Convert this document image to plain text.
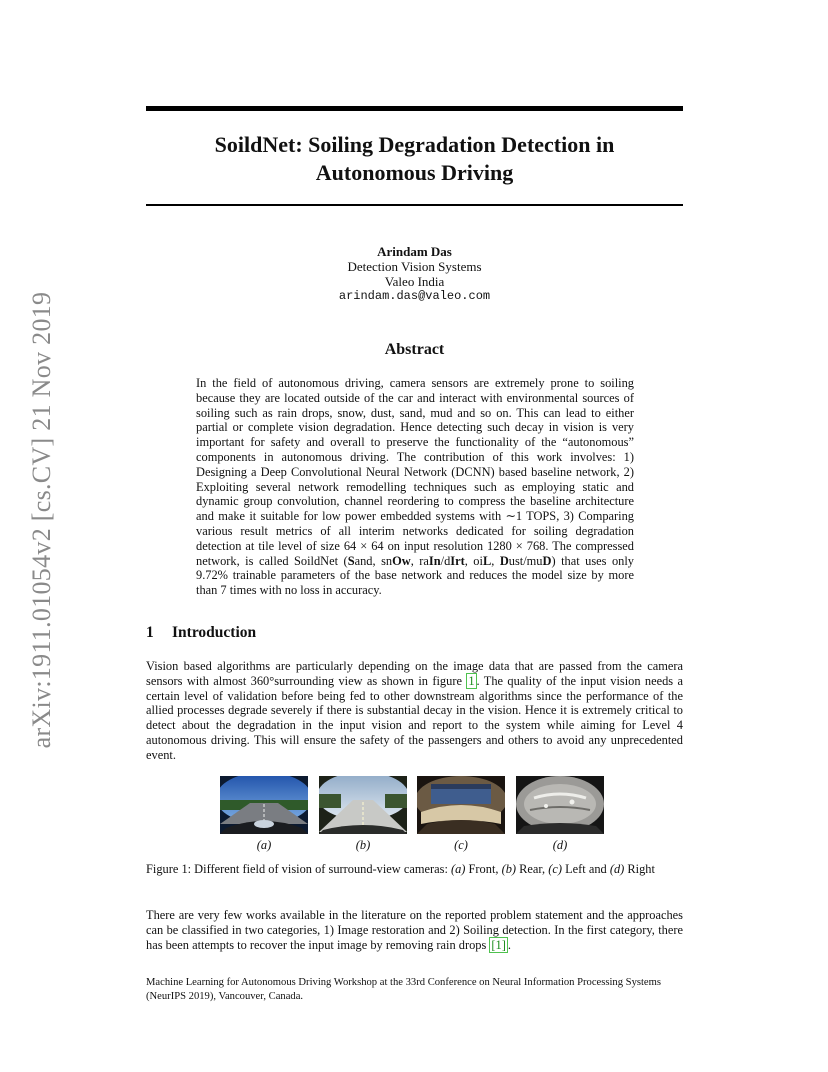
arXiv:1911.01054v2 [cs.CV] 21 Nov 2019
SoildNet: Soiling Degradation Detection in
Autonomous Driving
Arindam Das
Detection Vision Systems
Valeo India
arindam.das@valeo.com
Abstract
In the field of autonomous driving, camera sensors are extremely prone to soiling because they are located outside of the car and interact with environmental sources of soiling such as rain drops, snow, dust, sand, mud and so on. This can lead to either partial or complete vision degradation. Hence detecting such decay in vision is very important for safety and overall to preserve the functionality of the “autonomous” components in autonomous driving. The contribution of this work involves: 1) Designing a Deep Convolutional Neural Network (DCNN) based baseline network, 2) Exploiting several network remodelling techniques such as employing static and dynamic group convolution, channel reordering to compress the baseline architecture and make it suitable for low power embedded systems with ∼1 TOPS, 3) Comparing various result metrics of all interim networks dedicated for soiling degradation detection at tile level of size 64 × 64 on input resolution 1280 × 768. The compressed network, is called SoildNet (Sand, snOw, raIn/dIrt, oiL, Dust/muD) that uses only 9.72% trainable parameters of the base network and reduces the model size by more than 7 times with no loss in accuracy.
1 Introduction
Vision based algorithms are particularly depending on the image data that are passed from the camera sensors with almost 360°surrounding view as shown in figure 1 . The quality of the input vision needs a certain level of validation before being fed to other downstream algorithms since the performance of the allied processes degrade severely if there is substantial decay in the vision. Hence it is extremely critical to detect about the degradation in the input vision and report to the system while aiming for Level 4 autonomous driving. This will ensure the safety of the passengers and others to avoid any unprecedented event.
(a)	(b)	(c)	(d)
Figure 1: Different field of vision of surround-view cameras: (a) Front, (b) Rear, (c) Left and (d) Right
There are very few works available in the literature on the reported problem statement and the approaches can be classified in two categories, 1) Image restoration and 2) Soiling detection. In the first category, there has been attempts to recover the input image by removing rain drops [1] .
Machine Learning for Autonomous Driving Workshop at the 33rd Conference on Neural Information Processing Systems (NeurIPS 2019), Vancouver, Canada.
